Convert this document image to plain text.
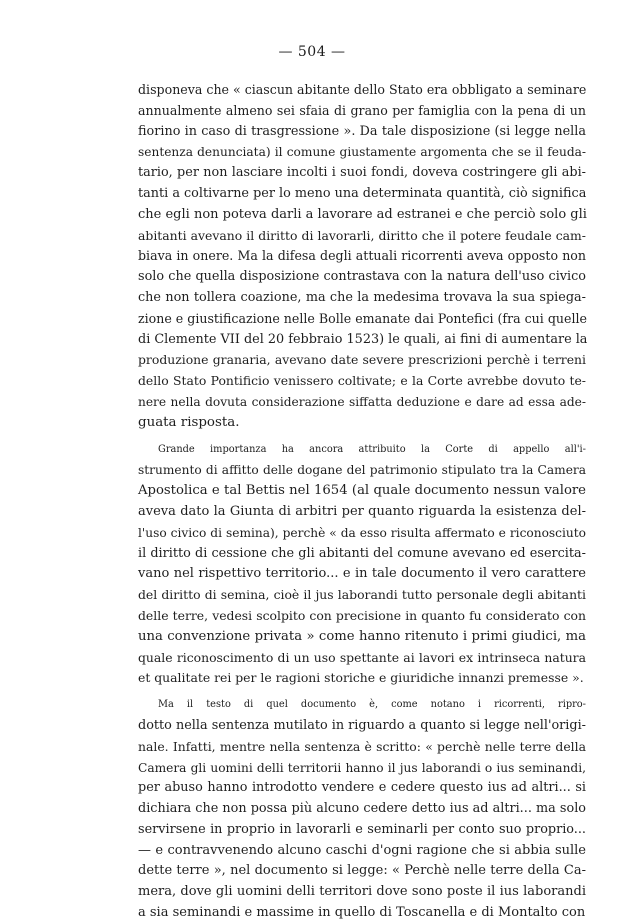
— 504 —
disponeva che « ciascun abitante dello Stato era obbligato a seminare
annualmente almeno sei sfaia di grano per famiglia con la pena di un
fiorino in caso di trasgressione ». Da tale disposizione (si legge nella
sentenza denunciata) il comune giustamente argomenta che se il feuda-
tario, per non lasciare incolti i suoi fondi, doveva costringere gli abi-
tanti a coltivarne per lo meno una determinata quantità, ciò significa
che egli non poteva darli a lavorare ad estranei e che perciò solo gli
abitanti avevano il diritto di lavorarli, diritto che il potere feudale cam-
biava in onere. Ma la difesa degli attuali ricorrenti aveva opposto non
solo che quella disposizione contrastava con la natura dell'uso civico
che non tollera coazione, ma che la medesima trovava la sua spiega-
zione e giustificazione nelle Bolle emanate dai Pontefici (fra cui quelle
di Clemente VII del 20 febbraio 1523) le quali, ai fini di aumentare la
produzione granaria, avevano date severe prescrizioni perchè i terreni
dello Stato Pontificio venissero coltivate; e la Corte avrebbe dovuto te-
nere nella dovuta considerazione siffatta deduzione e dare ad essa ade-
guata risposta.
Grande importanza ha ancora attribuito la Corte di appello all'i-
strumento di affitto delle dogane del patrimonio stipulato tra la Camera
Apostolica e tal Bettis nel 1654 (al quale documento nessun valore
aveva dato la Giunta di arbitri per quanto riguarda la esistenza del-
l'uso civico di semina), perchè « da esso risulta affermato e riconosciuto
il diritto di cessione che gli abitanti del comune avevano ed esercita-
vano nel rispettivo territorio... e in tale documento il vero carattere
del diritto di semina, cioè il jus laborandi tutto personale degli abitanti
delle terre, vedesi scolpito con precisione in quanto fu considerato con
una convenzione privata » come hanno ritenuto i primi giudici, ma
quale riconoscimento di un uso spettante ai lavori ex intrinseca natura
et qualitate rei per le ragioni storiche e giuridiche innanzi premesse ».
Ma il testo di quel documento è, come notano i ricorrenti, ripro-
dotto nella sentenza mutilato in riguardo a quanto si legge nell'origi-
nale. Infatti, mentre nella sentenza è scritto: « perchè nelle terre della
Camera gli uomini delli territorii hanno il jus laborandi o ius seminandi,
per abuso hanno introdotto vendere e cedere questo ius ad altri... si
dichiara che non possa più alcuno cedere detto ius ad altri... ma solo
servirsene in proprio in lavorarli e seminarli per conto suo proprio...
— e contravvenendo alcuno caschi d'ogni ragione che si abbia sulle
dette terre », nel documento si legge: « Perchè nelle terre della Ca-
mera, dove gli uomini delli territori dove sono poste il ius laborandi
a sia seminandi e massime in quello di Toscanella e di Montalto con
